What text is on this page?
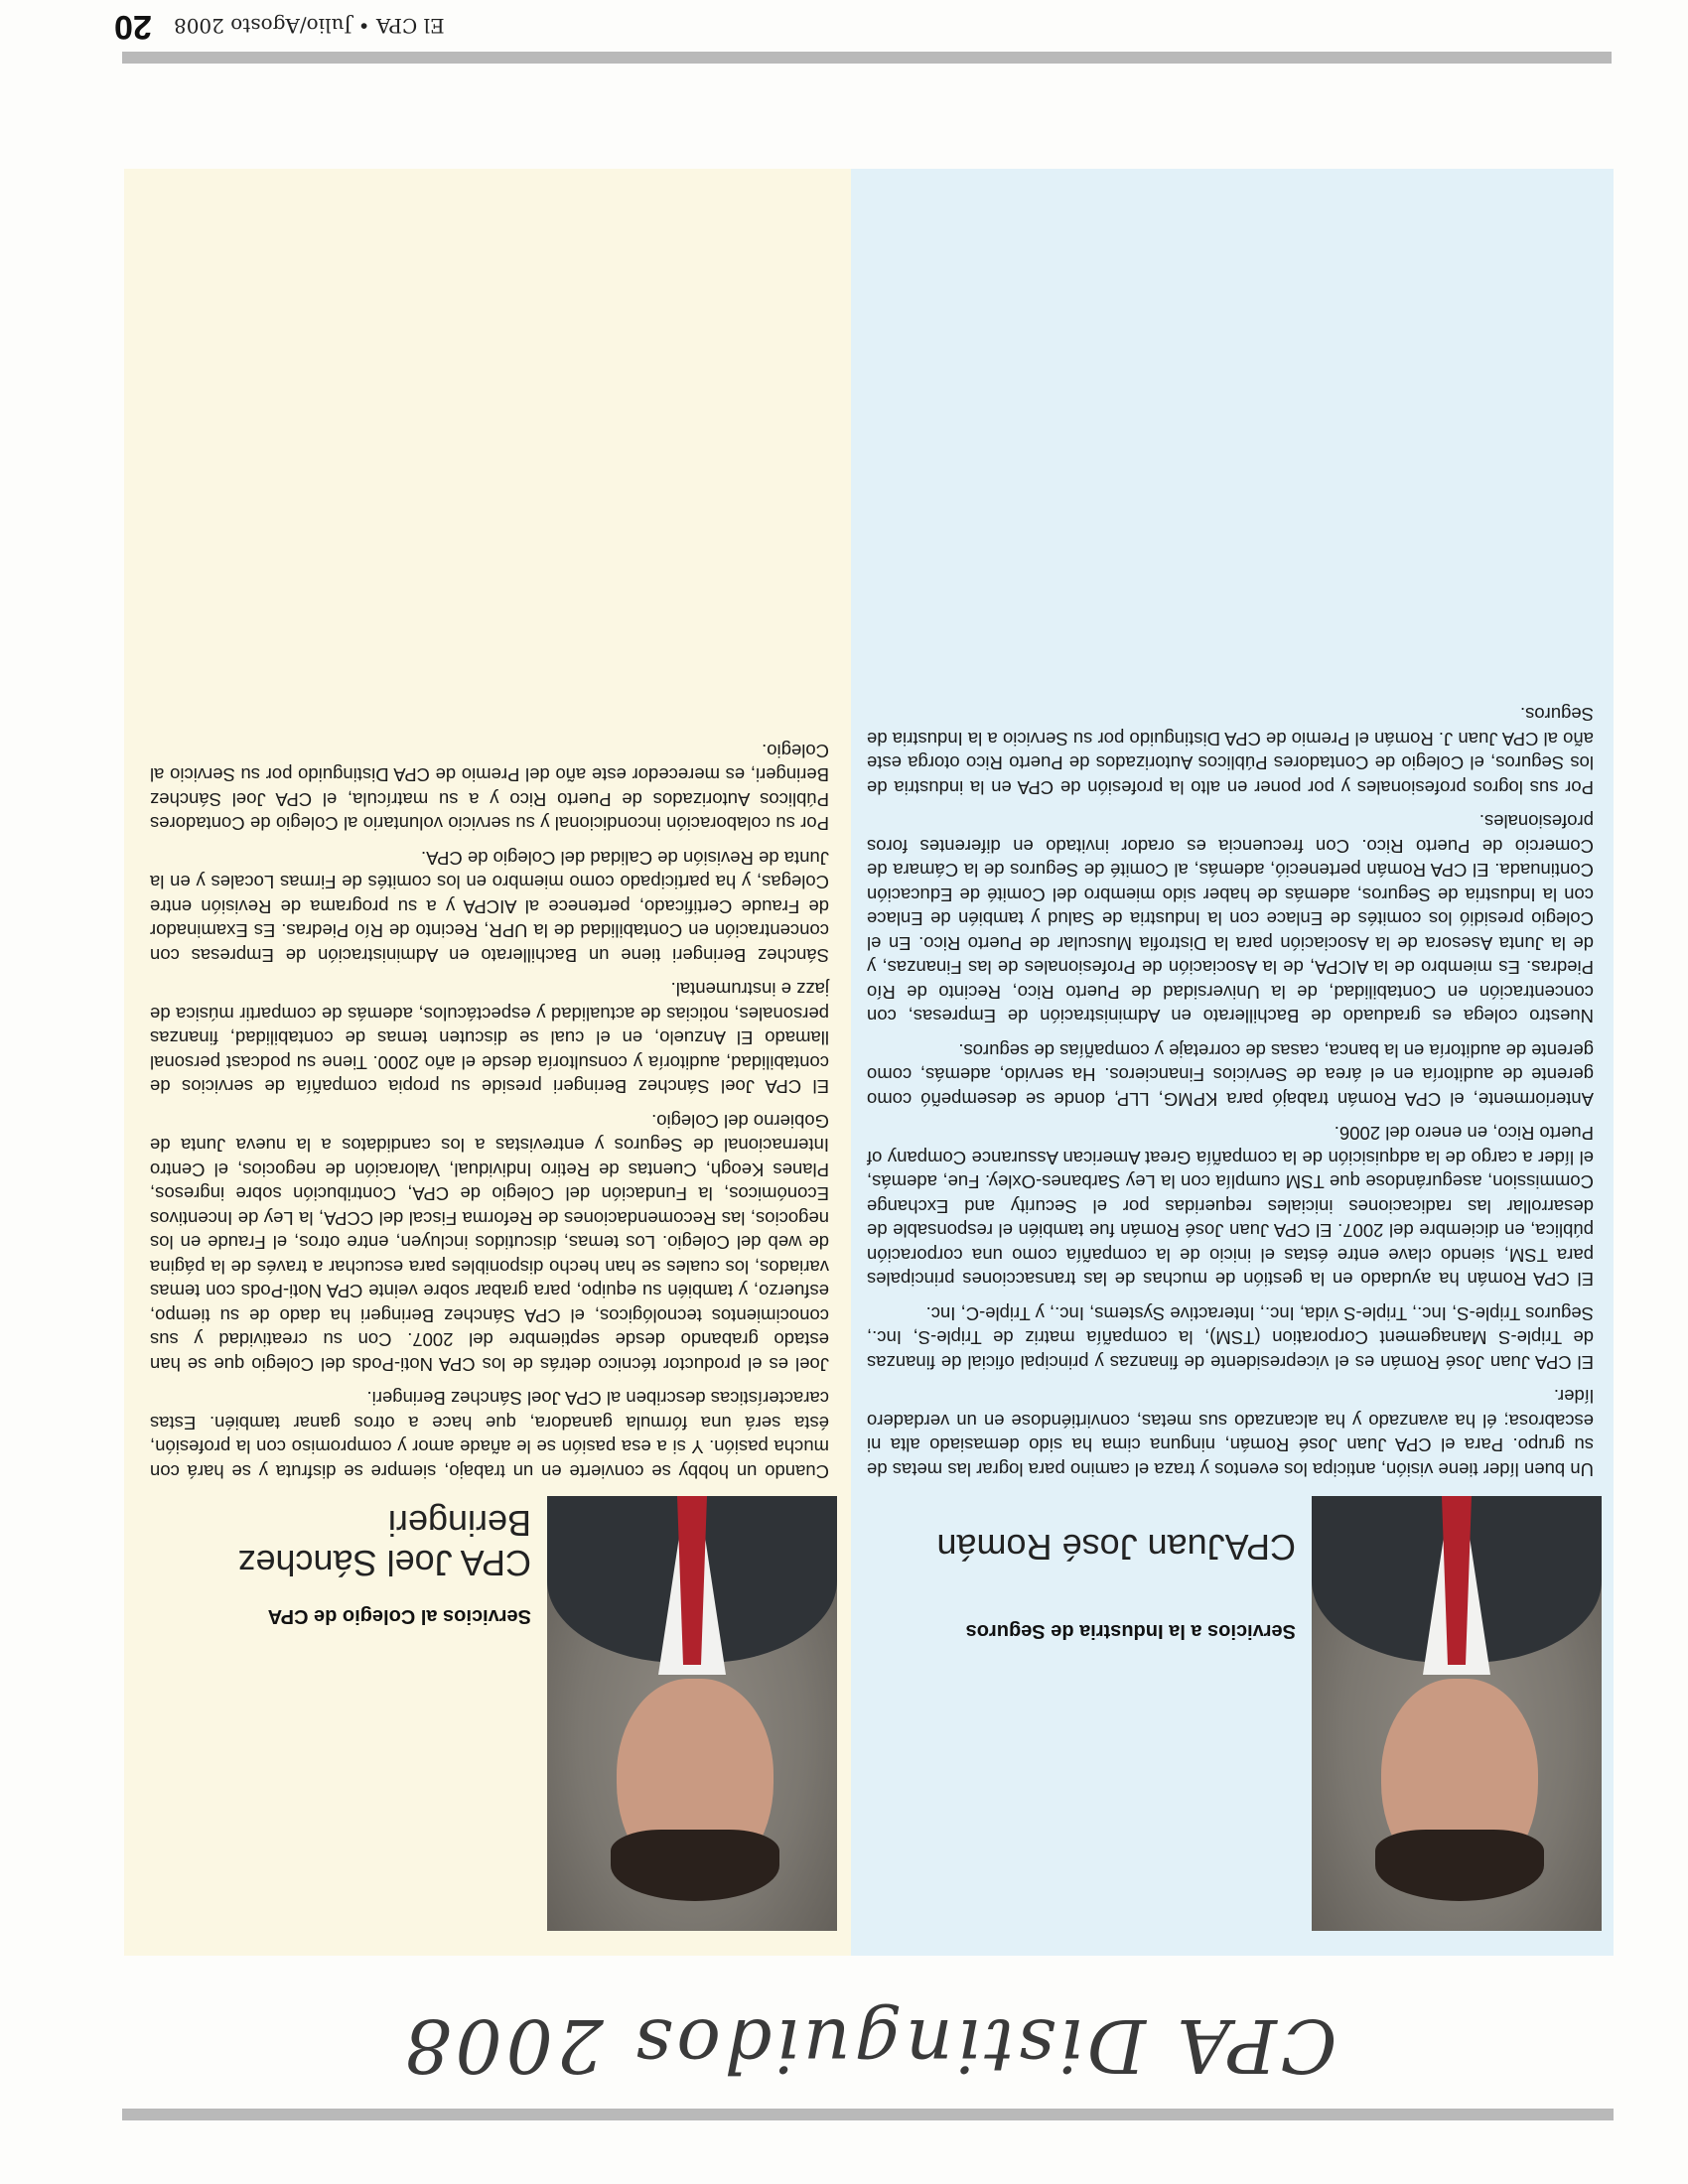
CPA Distinguidos 2008
Servicios a la Industria de Seguros
CPAJuan José Román

Un buen líder tiene visión, anticipa los eventos y traza el camino para lograr las metas de su grupo. Para el CPA Juan José Román, ninguna cima ha sido demasiado alta ni escabrosa; él ha avanzado y ha alcanzado sus metas, convirtiéndose en un verdadero líder.

El CPA Juan José Román es el vicepresidente de finanzas y principal oficial de finanzas de Triple-S Management Corporation (TSM), la compañía matriz de Triple-S, Inc., Seguros Triple-S, Inc., Triple-S vida, Inc., Interactive Systems, Inc., y Triple-C, Inc.

El CPA Román ha ayudado en la gestión de muchas de las transacciones principales para TSM, siendo clave entre éstas el inicio de la compañía como una corporación pública, en diciembre del 2007. El CPA Juan José Román fue también el responsable de desarrollar las radicaciones iniciales requeridas por el Security and Exchange Commission, asegurándose que TSM cumplía con la Ley Sarbanes-Oxley. Fue, además, el líder a cargo de la adquisición de la compañía Great American Assurance Company of Puerto Rico, en enero del 2006.

Anteriormente, el CPA Román trabajó para KPMG, LLP, donde se desempeñó como gerente de auditoría en el área de Servicios Financieros. Ha servido, además, como gerente de auditoría en la banca, casas de corretaje y compañías de seguros.

Nuestro colega es graduado de Bachillerato en Administración de Empresas, con concentración en Contabilidad, de la Universidad de Puerto Rico, Recinto de Río Piedras. Es miembro de la AICPA, de la Asociación de Profesionales de las Finanzas, y de la Junta Asesora de la Asociación para la Distrofia Muscular de Puerto Rico. En el Colegio presidió los comités de Enlace con la Industria de Salud y también de Enlace con la Industria de Seguros, además de haber sido miembro del Comité de Educación Continuada. El CPA Román perteneció, además, al Comité de Seguros de la Cámara de Comercio de Puerto Rico. Con frecuencia es orador invitado en diferentes foros profesionales.

Por sus logros profesionales y por poner en alto la profesión de CPA en la industria de los Seguros, el Colegio de Contadores Públicos Autorizados de Puerto Rico otorga este año al CPA Juan J. Román el Premio de CPA Distinguido por su Servicio a la Industria de Seguros.

Servicios al Colegio de CPA
CPA Joel Sánchez Beringeri

Cuando un hobby se convierte en un trabajo, siempre se disfruta y se hará con mucha pasión. Y si a esa pasión se le añade amor y compromiso con la profesión, ésta será una fórmula ganadora, que hace a otros ganar también. Estas características describen al CPA Joel Sánchez Beringeri.

Joel es el productor técnico detrás de los CPA Noti-Pods del Colegio que se han estado grabando desde septiembre del 2007. Con su creatividad y sus conocimientos tecnológicos, el CPA Sánchez Beringeri ha dado de su tiempo, esfuerzo, y también su equipo, para grabar sobre veinte CPA Noti-Pods con temas variados, los cuales se han hecho disponibles para escuchar a través de la página de web del Colegio. Los temas, discutidos incluyen, entre otros, el Fraude en los negocios, las Recomendaciones de Reforma Fiscal del CCPA, la Ley de Incentivos Económicos, la Fundación del Colegio de CPA, Contribución sobre ingresos, Planes Keogh, Cuentas de Retiro Individual, Valoración de negocios, el Centro Internacional de Seguros y entrevistas a los candidatos a la nueva Junta de Gobierno del Colegio.

El CPA Joel Sánchez Beringeri preside su propia compañía de servicios de contabilidad, auditoría y consultoría desde el año 2000. Tiene su podcast personal llamado El Anzuelo, en el cual se discuten temas de contabilidad, finanzas personales, noticias de actualidad y espectáculos, además de compartir música de jazz e instrumental.

Sánchez Beringeri tiene un Bachillerato en Administración de Empresas con concentración en Contabilidad de la UPR, Recinto de Río Piedras. Es Examinador de Fraude Certificado, pertenece al AICPA y a su programa de Revisión entre Colegas, y ha participado como miembro en los comités de Firmas Locales y en la Junta de Revisión de Calidad del Colegio de CPA.

Por su colaboración incondicional y su servicio voluntario al Colegio de Contadores Públicos Autorizados de Puerto Rico y a su matrícula, el CPA Joel Sánchez Beringeri, es merecedor este año del Premio de CPA Distinguido por su Servicio al Colegio.

El CPA • Julio/Agosto 2008
20
